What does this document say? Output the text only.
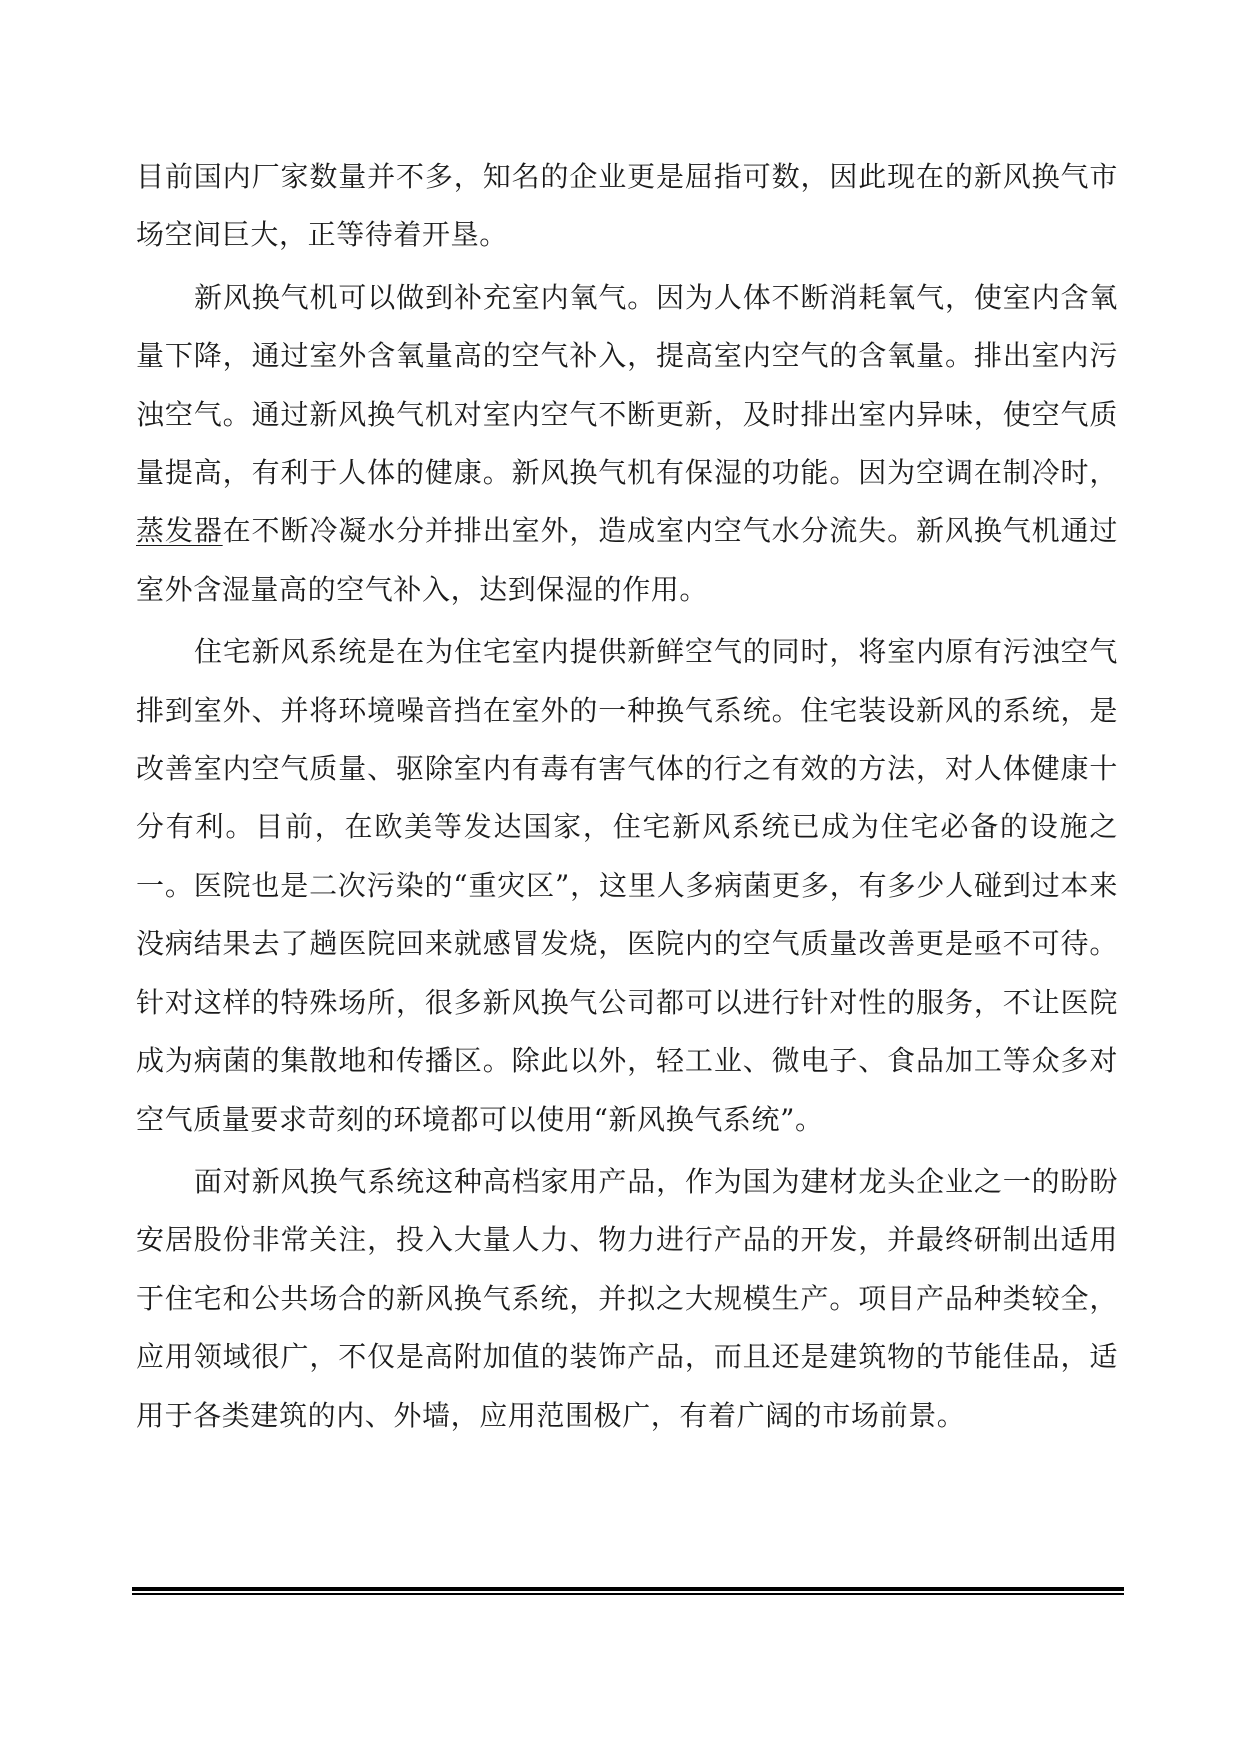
目前国内厂家数量并不多，知名的企业更是屈指可数，因此现在的新风换气市场空间巨大，正等待着开垦。

新风换气机可以做到补充室内氧气。因为人体不断消耗氧气，使室内含氧量下降，通过室外含氧量高的空气补入，提高室内空气的含氧量。排出室内污浊空气。通过新风换气机对室内空气不断更新，及时排出室内异味，使空气质量提高，有利于人体的健康。新风换气机有保湿的功能。因为空调在制冷时，蒸发器在不断冷凝水分并排出室外，造成室内空气水分流失。新风换气机通过室外含湿量高的空气补入，达到保湿的作用。

住宅新风系统是在为住宅室内提供新鲜空气的同时，将室内原有污浊空气排到室外、并将环境噪音挡在室外的一种换气系统。住宅装设新风的系统，是改善室内空气质量、驱除室内有毒有害气体的行之有效的方法，对人体健康十分有利。目前，在欧美等发达国家，住宅新风系统已成为住宅必备的设施之一。医院也是二次污染的“重灾区”，这里人多病菌更多，有多少人碰到过本来没病结果去了趟医院回来就感冒发烧，医院内的空气质量改善更是亟不可待。针对这样的特殊场所，很多新风换气公司都可以进行针对性的服务，不让医院成为病菌的集散地和传播区。除此以外，轻工业、微电子、食品加工等众多对空气质量要求苛刻的环境都可以使用“新风换气系统”。

面对新风换气系统这种高档家用产品，作为国为建材龙头企业之一的盼盼安居股份非常关注，投入大量人力、物力进行产品的开发，并最终研制出适用于住宅和公共场合的新风换气系统，并拟之大规模生产。项目产品种类较全，应用领域很广，不仅是高附加值的装饰产品，而且还是建筑物的节能佳品，适用于各类建筑的内、外墙，应用范围极广，有着广阔的市场前景。
